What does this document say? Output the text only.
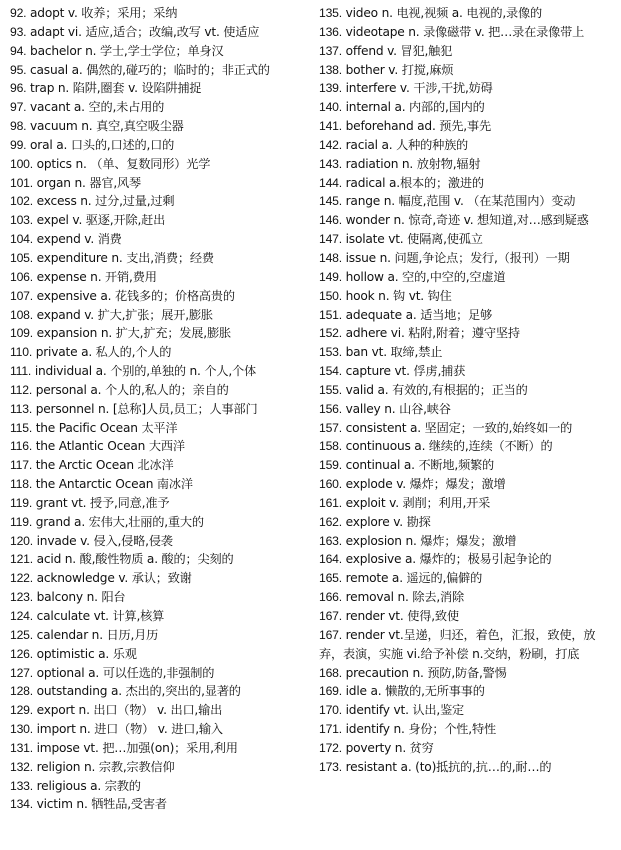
92. adopt v. 收养；采用；采纳
93. adapt vi. 适应,适合；改编,改写 vt. 使适应
94. bachelor n. 学士,学士学位；单身汉
95. casual a. 偶然的,碰巧的；临时的；非正式的
96. trap n. 陷阱,圈套 v. 设陷阱捕捉
97. vacant a. 空的,未占用的
98. vacuum n. 真空,真空吸尘器
99. oral a. 口头的,口述的,口的
100. optics n. （单、复数同形）光学
101. organ n. 器官,风琴
102. excess n. 过分,过量,过剩
103. expel v. 驱逐,开除,赶出
104. expend v. 消费
105. expenditure n. 支出,消费；经费
106. expense n. 开销,费用
107. expensive a. 花钱多的；价格高贵的
108. expand v. 扩大,扩张；展开,膨胀
109. expansion n. 扩大,扩充；发展,膨胀
110. private a. 私人的,个人的
111. individual a. 个别的,单独的 n. 个人,个体
112. personal a. 个人的,私人的；亲自的
113. personnel n. [总称]人员,员工；人事部门
115. the Pacific Ocean 太平洋
116. the Atlantic Ocean 大西洋
117. the Arctic Ocean 北冰洋
118. the Antarctic Ocean 南冰洋
119. grant vt. 授予,同意,准予
119. grand a. 宏伟大,壮丽的,重大的
120. invade v. 侵入,侵略,侵袭
121. acid n. 酸,酸性物质 a. 酸的；尖刻的
122. acknowledge v. 承认；致谢
123. balcony n. 阳台
124. calculate vt. 计算,核算
125. calendar n. 日历,月历
126. optimistic a. 乐观
127. optional a. 可以任选的,非强制的
128. outstanding a. 杰出的,突出的,显著的
129. export n. 出口（物） v. 出口,输出
130. import n. 进口（物） v. 进口,输入
131. impose vt. 把…加强(on)；采用,利用
132. religion n. 宗教,宗教信仰
133. religious a. 宗教的
134. victim n. 牺牲品,受害者
135. video n. 电视,视频 a. 电视的,录像的
136. videotape n. 录像磁带 v. 把…录在录像带上
137. offend v. 冒犯,触犯
138. bother v. 打搅,麻烦
139. interfere v. 干涉,干扰,妨碍
140. internal a. 内部的,国内的
141. beforehand ad. 预先,事先
142. racial a. 人种的种族的
143. radiation n. 放射物,辐射
144. radical a.根本的；激进的
145. range n. 幅度,范围 v. （在某范围内）变动
146. wonder n. 惊奇,奇迹 v. 想知道,对…感到疑惑
147. isolate vt. 使隔离,使孤立
148. issue n. 问题,争论点；发行,（报刊）一期
149. hollow a. 空的,中空的,空虚道
150. hook n. 钩 vt. 钩住
151. adequate a. 适当地；足够
152. adhere vi. 粘附,附着；遵守坚持
153. ban vt. 取缔,禁止
154. capture vt. 俘虏,捕获
155. valid a. 有效的,有根据的；正当的
156. valley n. 山谷,峡谷
157. consistent a. 坚固定；一致的,始终如一的
158. continuous a. 继续的,连续（不断）的
159. continual a. 不断地,频繁的
160. explode v. 爆炸；爆发；激增
161. exploit v. 剥削；利用,开采
162. explore v. 勘探
163. explosion n. 爆炸；爆发；激增
164. explosive a. 爆炸的；极易引起争论的
165. remote a. 遥远的,偏僻的
166. removal n. 除去,消除
167. render vt. 使得,致使
167. render vt.呈递，归还，着色，汇报，致使，放弃，表演，实施 vi.给予补偿 n.交纳，粉刷，打底
168. precaution n. 预防,防备,警惕
169. idle a. 懒散的,无所事事的
170. identify vt. 认出,鉴定
171. identify n. 身份；个性,特性
172. poverty n. 贫穷
173. resistant a. (to)抵抗的,抗…的,耐…的
